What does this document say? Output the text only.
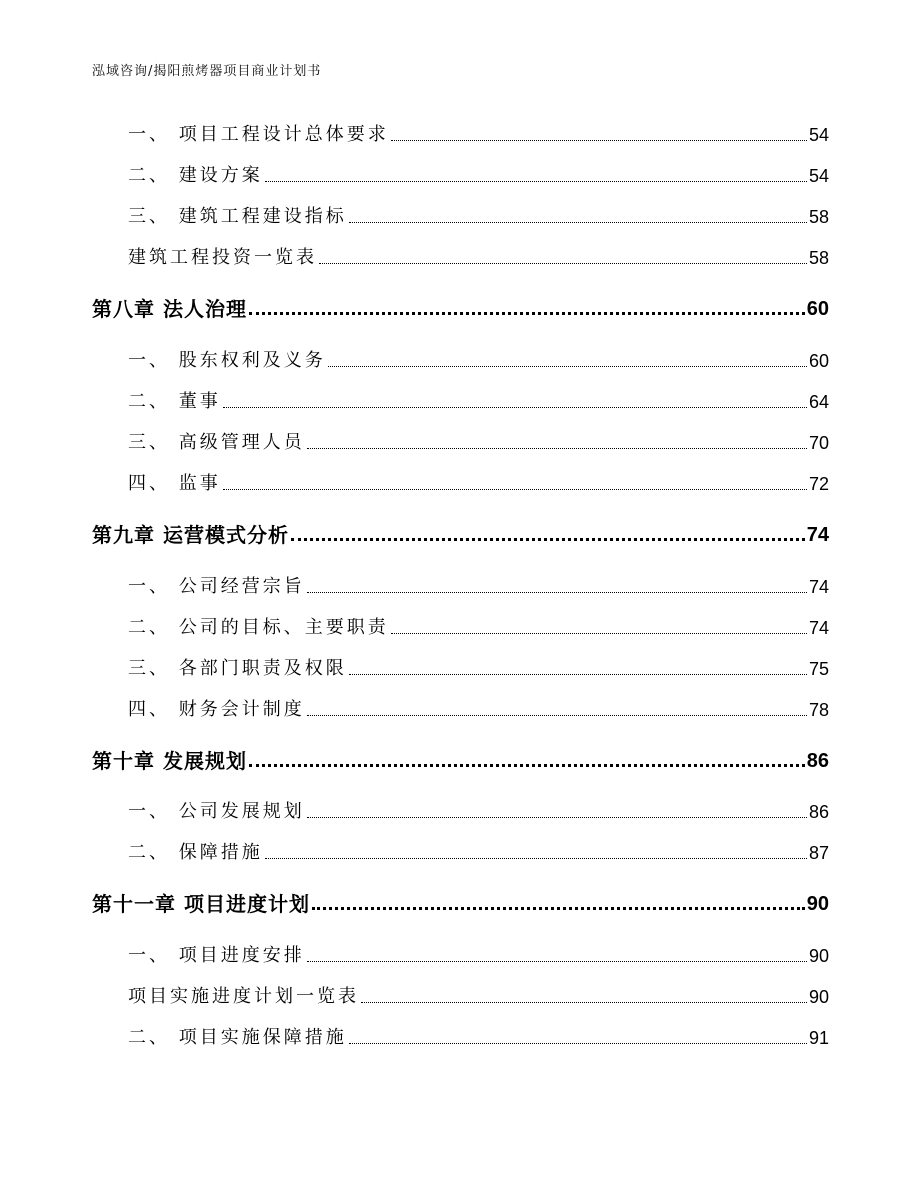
泓域咨询/揭阳煎烤器项目商业计划书
一、 项目工程设计总体要求	54
二、 建设方案	54
三、 建筑工程建设指标	58
建筑工程投资一览表	58
第八章 法人治理	60
一、 股东权利及义务	60
二、 董事	64
三、 高级管理人员	70
四、 监事	72
第九章 运营模式分析	74
一、 公司经营宗旨	74
二、 公司的目标、主要职责	74
三、 各部门职责及权限	75
四、 财务会计制度	78
第十章 发展规划	86
一、 公司发展规划	86
二、 保障措施	87
第十一章 项目进度计划	90
一、 项目进度安排	90
项目实施进度计划一览表	90
二、 项目实施保障措施	91
